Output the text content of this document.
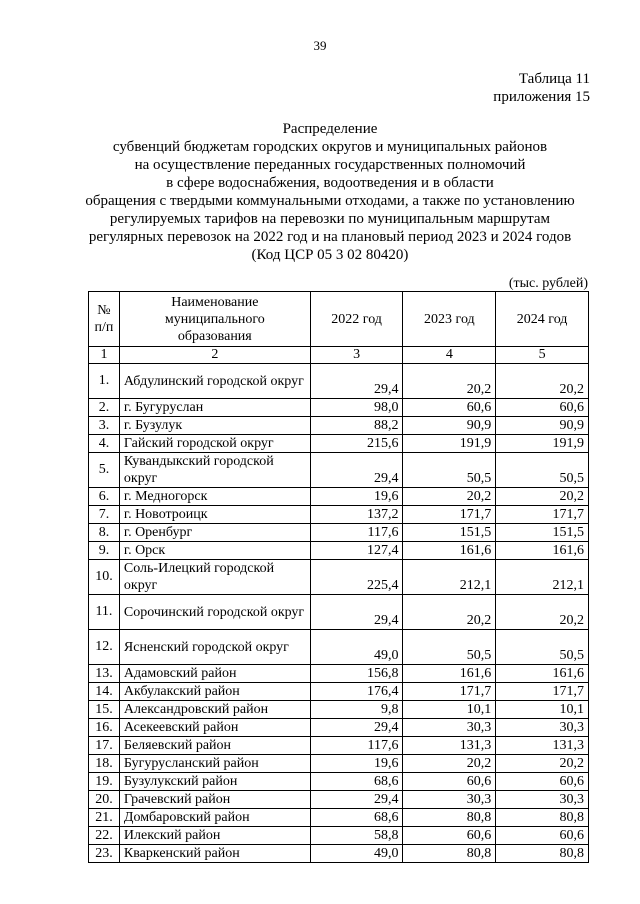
39
Таблица 11
приложения 15
Распределение
субвенций бюджетам городских округов и муниципальных районов
на осуществление переданных государственных полномочий
в сфере водоснабжения, водоотведения и в области
обращения с твердыми коммунальными отходами, а также по установлению
регулируемых тарифов на перевозки по муниципальным маршрутам
регулярных перевозок на 2022 год и на плановый период 2023 и 2024 годов
(Код ЦСР 05 3 02 80420)
(тыс. рублей)
№ п/п	Наименование муниципального образования	2022 год	2023 год	2024 год
1	2	3	4	5
1.	Абдулинский городской округ	29,4	20,2	20,2
2.	г. Бугуруслан	98,0	60,6	60,6
3.	г. Бузулук	88,2	90,9	90,9
4.	Гайский городской округ	215,6	191,9	191,9
5.	Кувандыкский городской округ	29,4	50,5	50,5
6.	г. Медногорск	19,6	20,2	20,2
7.	г. Новотроицк	137,2	171,7	171,7
8.	г. Оренбург	117,6	151,5	151,5
9.	г. Орск	127,4	161,6	161,6
10.	Соль-Илецкий городской округ	225,4	212,1	212,1
11.	Сорочинский городской округ	29,4	20,2	20,2
12.	Ясненский городской округ	49,0	50,5	50,5
13.	Адамовский район	156,8	161,6	161,6
14.	Акбулакский район	176,4	171,7	171,7
15.	Александровский район	9,8	10,1	10,1
16.	Асекеевский район	29,4	30,3	30,3
17.	Беляевский район	117,6	131,3	131,3
18.	Бугурусланский район	19,6	20,2	20,2
19.	Бузулукский район	68,6	60,6	60,6
20.	Грачевский район	29,4	30,3	30,3
21.	Домбаровский район	68,6	80,8	80,8
22.	Илекский район	58,8	60,6	60,6
23.	Кваркенский район	49,0	80,8	80,8
